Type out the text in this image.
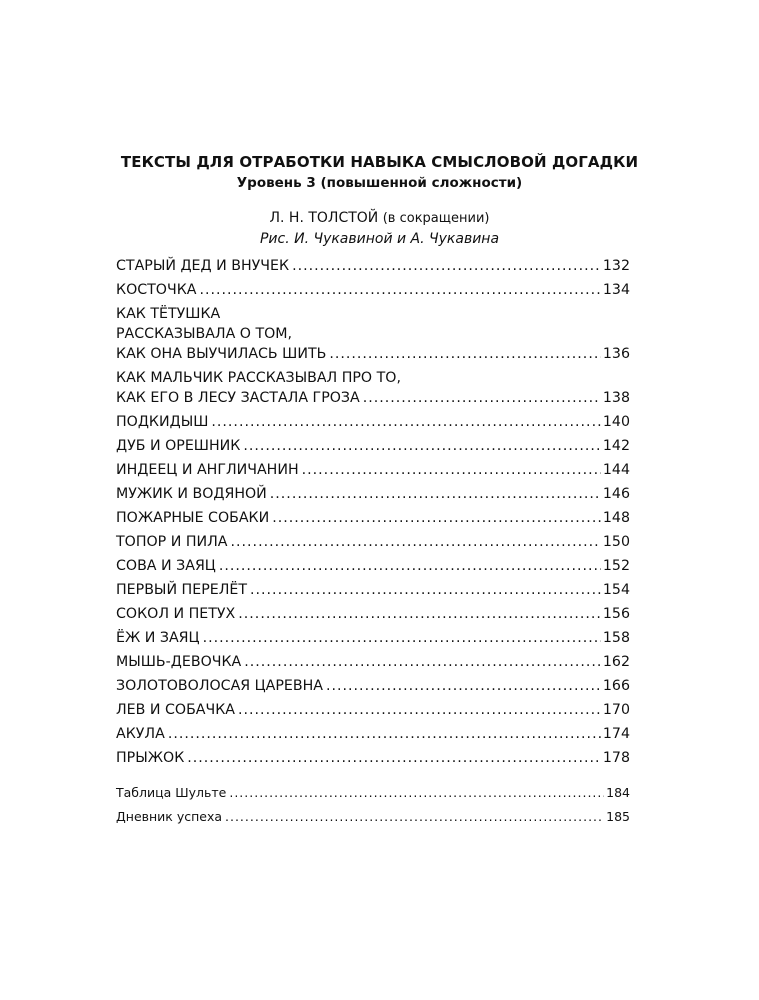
ТЕКСТЫ ДЛЯ ОТРАБОТКИ НАВЫКА СМЫСЛОВОЙ ДОГАДКИ
Уровень 3 (повышенной сложности)
Л. Н. ТОЛСТОЙ (в сокращении)
Рис. И. Чукавиной и А. Чукавина
СТАРЫЙ ДЕД И ВНУЧЕК .....	132
КОСТОЧКА .....	134
КАК ТЁТУШКА
РАССКАЗЫВАЛА О ТОМ,
КАК ОНА ВЫУЧИЛАСЬ ШИТЬ .....	136
КАК МАЛЬЧИК РАССКАЗЫВАЛ ПРО ТО,
КАК ЕГО В ЛЕСУ ЗАСТАЛА ГРОЗА .....	138
ПОДКИДЫШ .....	140
ДУБ И ОРЕШНИК .....	142
ИНДЕЕЦ И АНГЛИЧАНИН .....	144
МУЖИК И ВОДЯНОЙ .....	146
ПОЖАРНЫЕ СОБАКИ .....	148
ТОПОР И ПИЛА .....	150
СОВА И ЗАЯЦ .....	152
ПЕРВЫЙ ПЕРЕЛЁТ .....	154
СОКОЛ И ПЕТУХ .....	156
ЁЖ И ЗАЯЦ .....	158
МЫШЬ-ДЕВОЧКА .....	162
ЗОЛОТОВОЛОСАЯ ЦАРЕВНА .....	166
ЛЕВ И СОБАЧКА .....	170
АКУЛА .....	174
ПРЫЖОК .....	178
Таблица Шульте .....	184
Дневник успеха .....	185
